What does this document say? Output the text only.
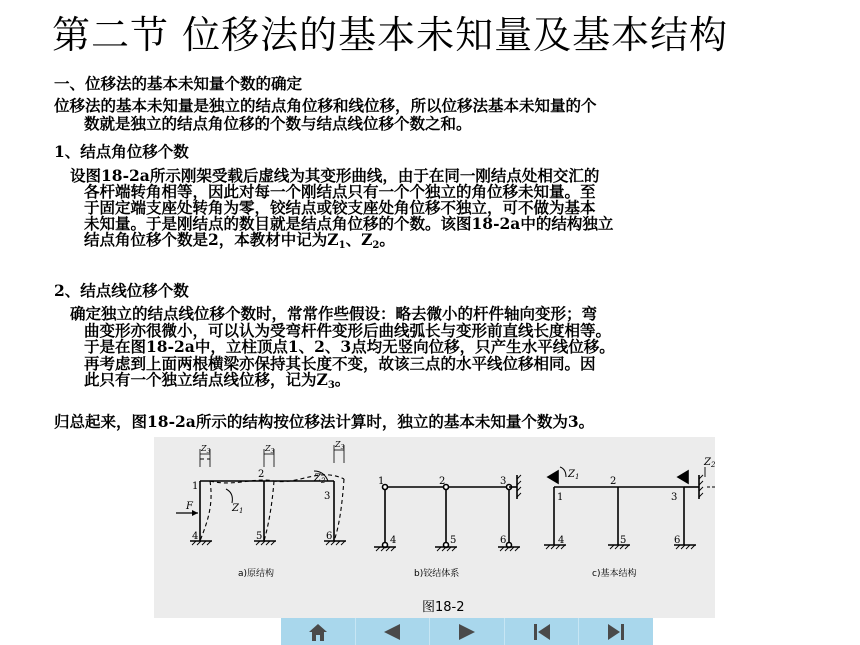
第二节 位移法的基本未知量及基本结构
一、位移法的基本未知量个数的确定
位移法的基本未知量是独立的结点角位移和线位移，所以位移法基本未知量的个
数就是独立的结点角位移的个数与结点线位移个数之和。
1、结点角位移个数
设图18-2a所示刚架受载后虚线为其变形曲线，由于在同一刚结点处相交汇的
各杆端转角相等，因此对每一个刚结点只有一个个独立的角位移未知量。至
于固定端支座处转角为零，铰结点或铰支座处角位移不独立，可不做为基本
未知量。于是刚结点的数目就是结点角位移的个数。该图18-2a中的结构独立
结点角位移个数是2，本教材中记为$Z_1$、$Z_2$。
2、结点线位移个数
确定独立的结点线位移个数时，常常作些假设：略去微小的杆件轴向变形；弯
曲变形亦很微小，可以认为受弯杆件变形后曲线弧长与变形前直线长度相等。
于是在图18-2a中，立柱顶点1、2、3点均无竖向位移，只产生水平线位移。
再考虑到上面两根横梁亦保持其长度不变，故该三点的水平线位移相同。因
此只有一个独立结点线位移，记为$Z_3$。
归总起来，图18-2a所示的结构按位移法计算时，独立的基本未知量个数为3。
1
2
3
4	5	6
F	$Z_1$
$Z_2$
$Z_3$	$Z_3$
$Z_3$
1	2	3
4	5	6
1
2
3
4	5	6
$Z_1$
$Z_2$
a)原结构	b)铰结体系	c)基本结构
图18-2
